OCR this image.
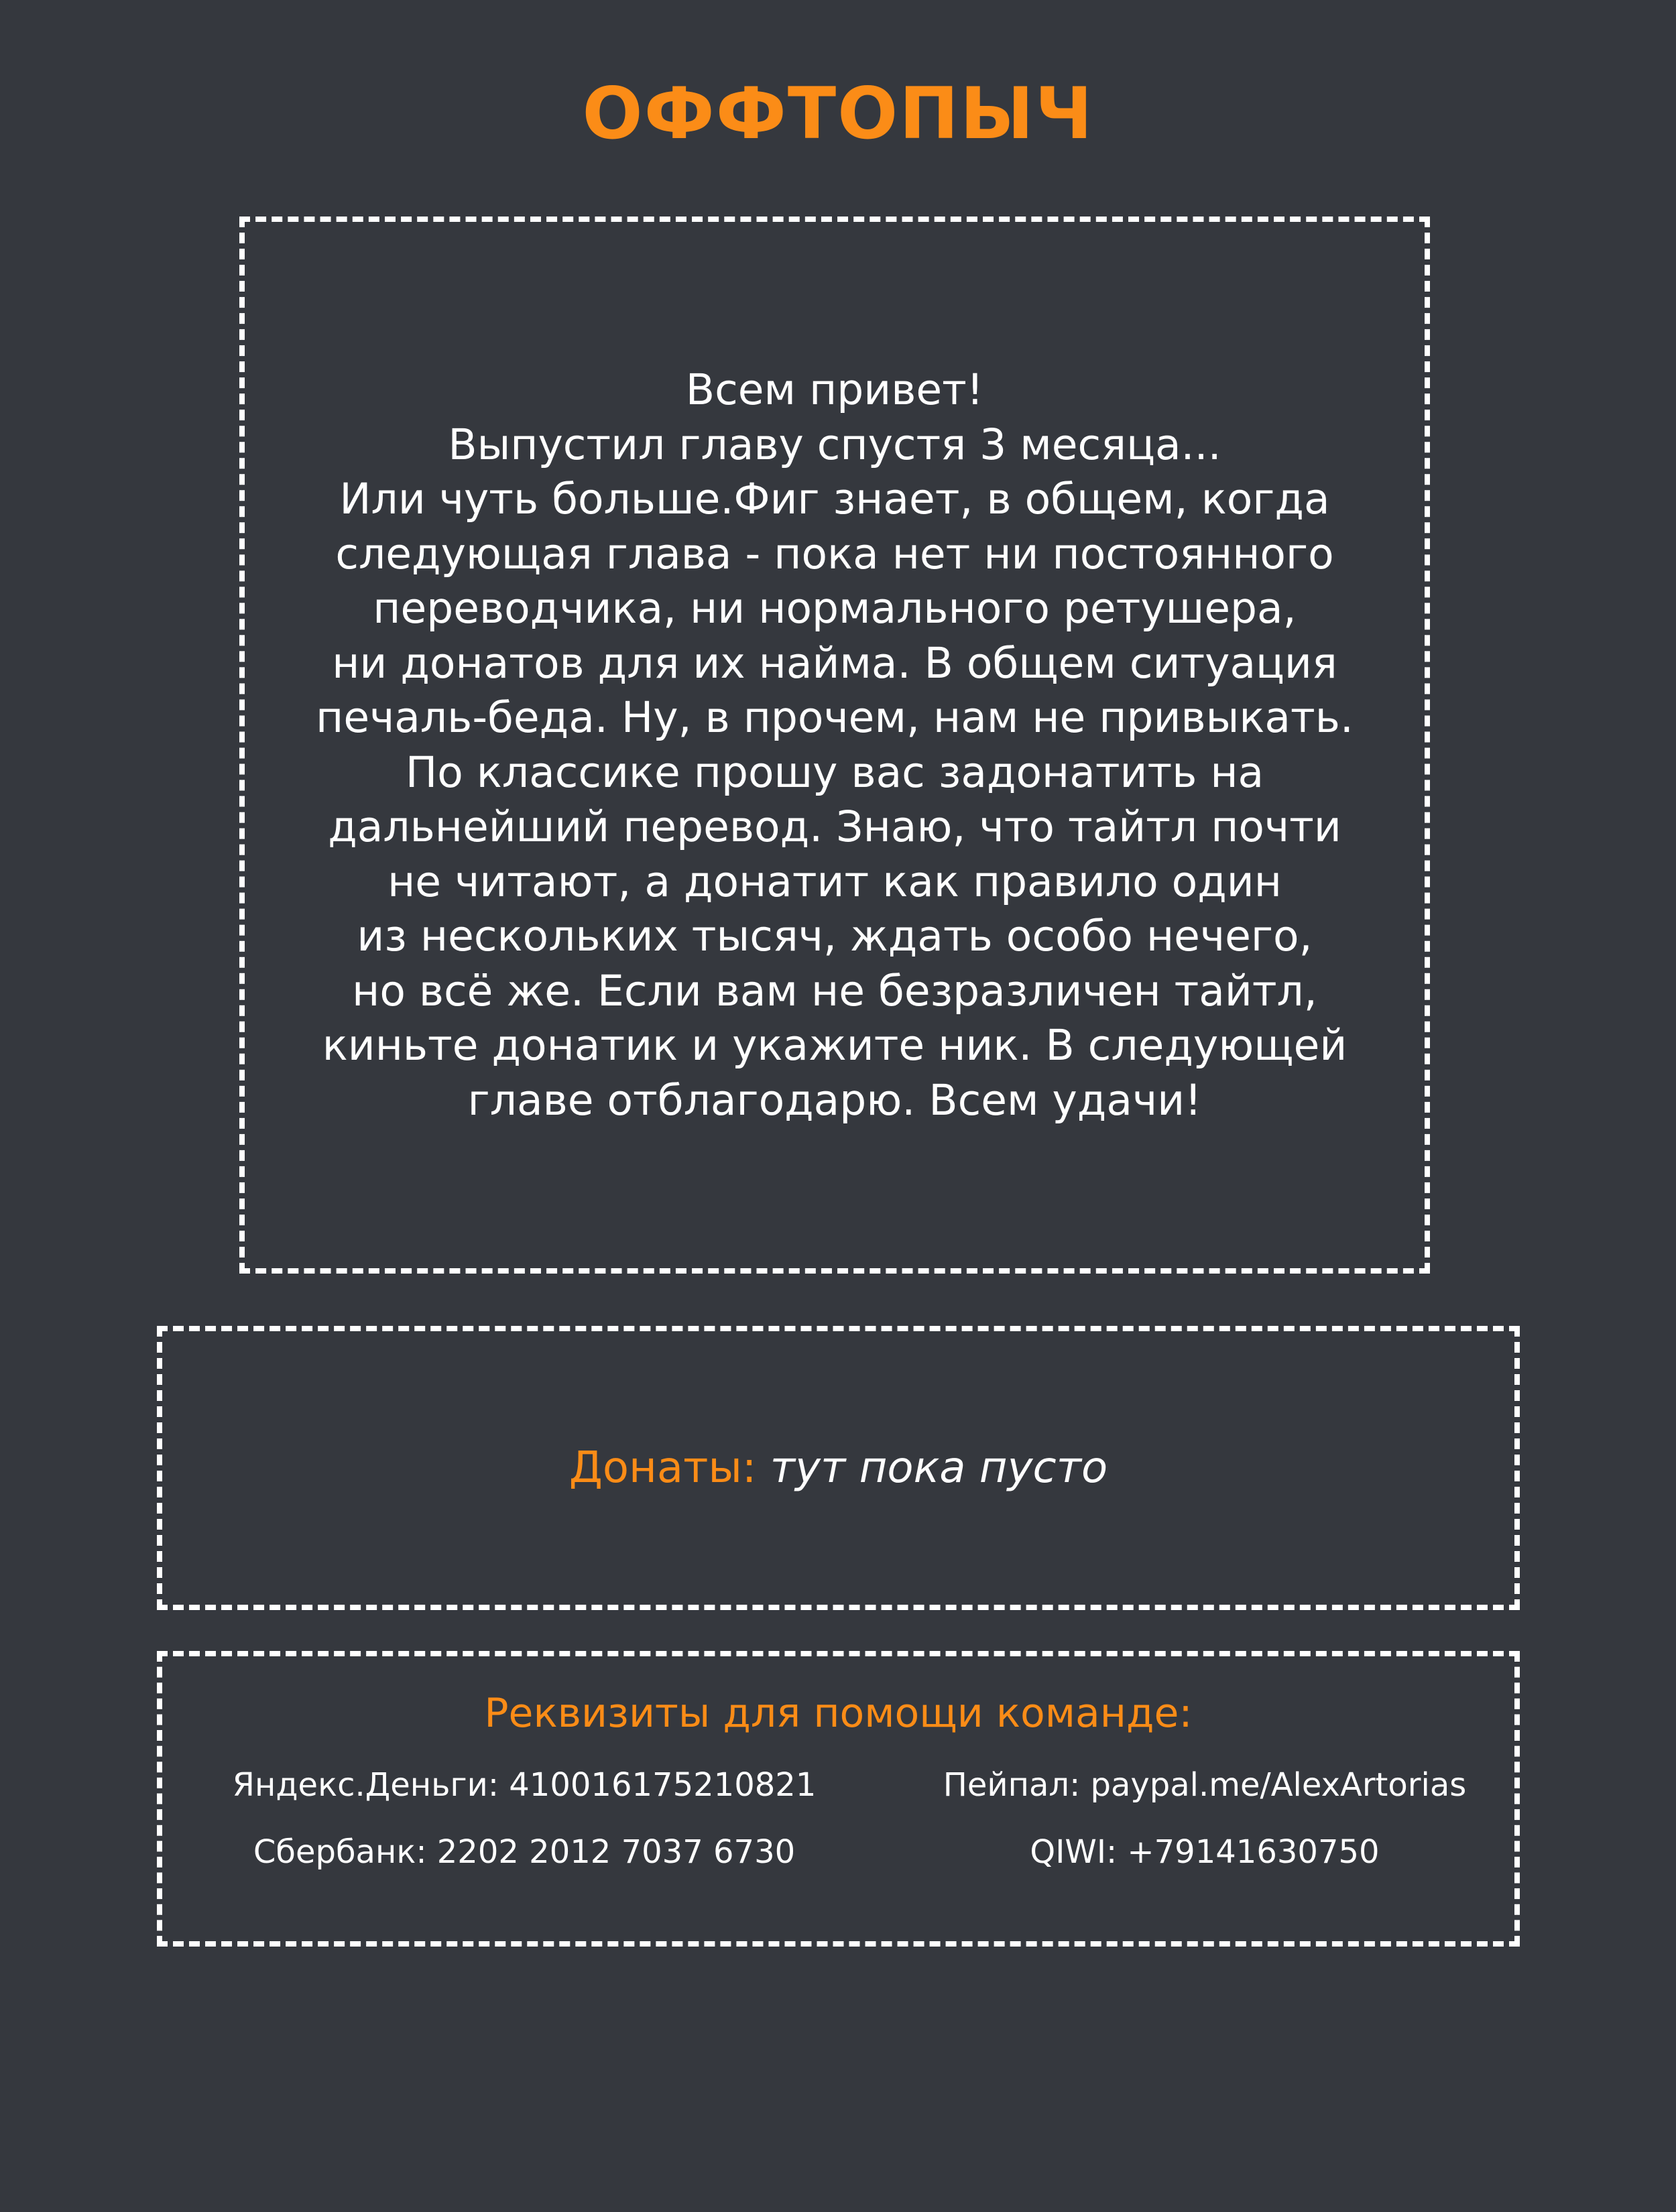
ОФФТОПЫЧ
Всем привет!
Выпустил главу спустя 3 месяца...
Или чуть больше.Фиг знает, в общем, когда
следующая глава - пока нет ни постоянного
переводчика, ни нормального ретушера,
ни донатов для их найма. В общем ситуация
печаль-беда. Ну, в прочем, нам не привыкать.
По классике прошу вас задонатить на
дальнейший перевод. Знаю, что тайтл почти
не читают, а донатит как правило один
из нескольких тысяч, ждать особо нечего,
но всё же. Если вам не безразличен тайтл,
киньте донатик и укажите ник. В следующей
главе отблагодарю. Всем удачи!
Донаты: тут пока пусто
Реквизиты для помощи команде:
Яндекс.Деньги: 410016175210821	Пейпал: paypal.me/AlexArtorias
Сбербанк: 2202 2012 7037 6730	QIWI: +79141630750
